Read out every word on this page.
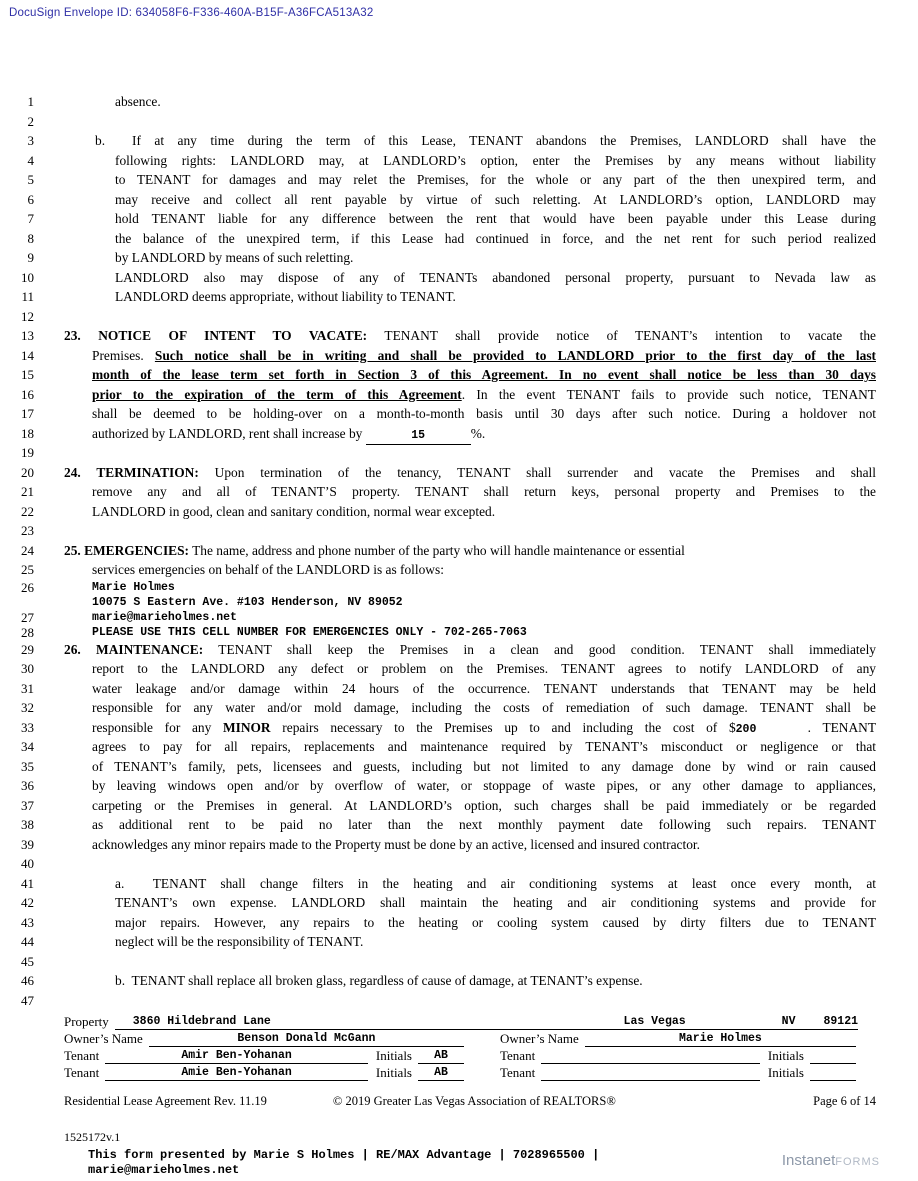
DocuSign Envelope ID: 634058F6-F336-460A-B15F-A36FCA513A32
1	absence.
2
3	b.  If at any time during the term of this Lease, TENANT abandons the Premises, LANDLORD shall have the
4	following rights: LANDLORD may, at LANDLORD’s option, enter the Premises by any means without liability
5	to TENANT for damages and may relet the Premises, for the whole or any part of the then unexpired term, and
6	may receive and collect all rent payable by virtue of such reletting. At LANDLORD’s option, LANDLORD may
7	hold TENANT liable for any difference between the rent that would have been payable under this Lease during
8	the balance of the unexpired term, if this Lease had continued in force, and the net rent for such period realized
9	by LANDLORD by means of such reletting.
10	LANDLORD also may dispose of any of TENANTs abandoned personal property, pursuant to Nevada law as
11	LANDLORD deems appropriate, without liability to TENANT.
12
13 23. NOTICE OF INTENT TO VACATE: TENANT shall provide notice of TENANT’s intention to vacate the
14	Premises. Such notice shall be in writing and shall be provided to LANDLORD prior to the first day of the last
15	month of the lease term set forth in Section 3 of this Agreement. In no event shall notice be less than 30 days
16	prior to the expiration of the term of this Agreement. In the event TENANT fails to provide such notice, TENANT
17	shall be deemed to be holding-over on a month-to-month basis until 30 days after such notice. During a holdover not
18	authorized by LANDLORD, rent shall increase by	15	%.
19
20 24. TERMINATION: Upon termination of the tenancy, TENANT shall surrender and vacate the Premises and shall
21	remove any and all of TENANT’S property. TENANT shall return keys, personal property and Premises to the
22	LANDLORD in good, clean and sanitary condition, normal wear excepted.
23
24 25. EMERGENCIES: The name, address and phone number of the party who will handle maintenance or essential
25	services emergencies on behalf of the LANDLORD is as follows:
26	Marie Holmes
10075 S Eastern Ave. #103 Henderson, NV 89052
27	marie@marieholmes.net
28	PLEASE USE THIS CELL NUMBER FOR EMERGENCIES ONLY - 702-265-7063
29 26. MAINTENANCE: TENANT shall keep the Premises in a clean and good condition. TENANT shall immediately
30	report to the LANDLORD any defect or problem on the Premises. TENANT agrees to notify LANDLORD of any
31	water leakage and/or damage within 24 hours of the occurrence. TENANT understands that TENANT may be held
32	responsible for any water and/or mold damage, including the costs of remediation of such damage. TENANT shall be
33	responsible for any MINOR repairs necessary to the Premises up to and including the cost of $200	. TENANT
34	agrees to pay for all repairs, replacements and maintenance required by TENANT’s misconduct or negligence or that
35	of TENANT’s family, pets, licensees and guests, including but not limited to any damage done by wind or rain caused
36	by leaving windows open and/or by overflow of water, or stoppage of waste pipes, or any other damage to appliances,
37	carpeting or the Premises in general. At LANDLORD’s option, such charges shall be paid immediately or be regarded
38	as additional rent to be paid no later than the next monthly payment date following such repairs. TENANT
39	acknowledges any minor repairs made to the Property must be done by an active, licensed and insured contractor.
40
41	a.  TENANT shall change filters in the heating and air conditioning systems at least once every month, at
42	TENANT’s own expense. LANDLORD shall maintain the heating and air conditioning systems and provide for
43	major repairs. However, any repairs to the heating or cooling system caused by dirty filters due to TENANT
44	neglect will be the responsibility of TENANT.
45
46	b.  TENANT shall replace all broken glass, regardless of cause of damage, at TENANT’s expense.
47
Property 3860 Hildebrand Lane	Las Vegas	NV 89121
Owner’s Name	Benson Donald McGann	Owner’s Name	Marie Holmes
Tenant	Amir Ben-Yohanan	Initials	AB	Tenant	Initials
Tenant	Amie Ben-Yohanan	Initials	AB	Tenant	Initials
Residential Lease Agreement Rev. 11.19	© 2019 Greater Las Vegas Association of REALTORS®	Page 6 of 14
1525172v.1
This form presented by Marie S Holmes | RE/MAX Advantage | 7028965500 |
marie@marieholmes.net
InstanetFORMS
